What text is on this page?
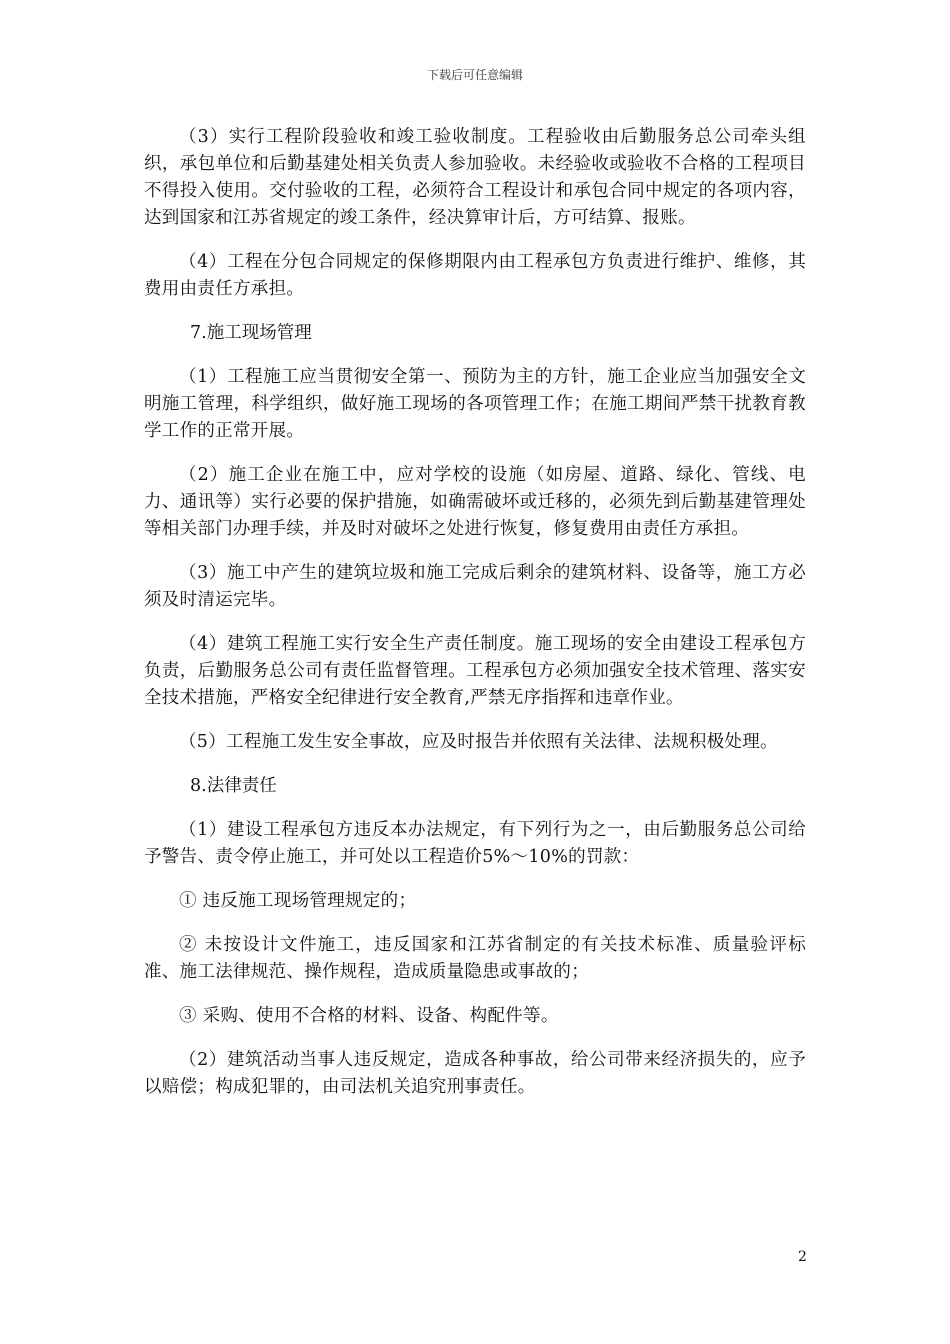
下载后可任意编辑

（3）实行工程阶段验收和竣工验收制度。工程验收由后勤服务总公司牵头组织，承包单位和后勤基建处相关负责人参加验收。未经验收或验收不合格的工程项目不得投入使用。交付验收的工程，必须符合工程设计和承包合同中规定的各项内容，达到国家和江苏省规定的竣工条件，经决算审计后，方可结算、报账。

（4）工程在分包合同规定的保修期限内由工程承包方负责进行维护、维修，其费用由责任方承担。

7.施工现场管理

（1）工程施工应当贯彻安全第一、预防为主的方针，施工企业应当加强安全文明施工管理，科学组织，做好施工现场的各项管理工作；在施工期间严禁干扰教育教学工作的正常开展。

（2）施工企业在施工中，应对学校的设施（如房屋、道路、绿化、管线、电力、通讯等）实行必要的保护措施，如确需破坏或迁移的，必须先到后勤基建管理处等相关部门办理手续，并及时对破坏之处进行恢复，修复费用由责任方承担。

（3）施工中产生的建筑垃圾和施工完成后剩余的建筑材料、设备等，施工方必须及时清运完毕。

（4）建筑工程施工实行安全生产责任制度。施工现场的安全由建设工程承包方负责，后勤服务总公司有责任监督管理。工程承包方必须加强安全技术管理、落实安全技术措施，严格安全纪律进行安全教育,严禁无序指挥和违章作业。

（5）工程施工发生安全事故，应及时报告并依照有关法律、法规积极处理。

8.法律责任

（1）建设工程承包方违反本办法规定，有下列行为之一，由后勤服务总公司给予警告、责令停止施工，并可处以工程造价5%～10%的罚款：

① 违反施工现场管理规定的；

② 未按设计文件施工，违反国家和江苏省制定的有关技术标准、质量验评标准、施工法律规范、操作规程，造成质量隐患或事故的；

③ 采购、使用不合格的材料、设备、构配件等。

（2）建筑活动当事人违反规定，造成各种事故，给公司带来经济损失的，应予以赔偿；构成犯罪的，由司法机关追究刑事责任。

2
